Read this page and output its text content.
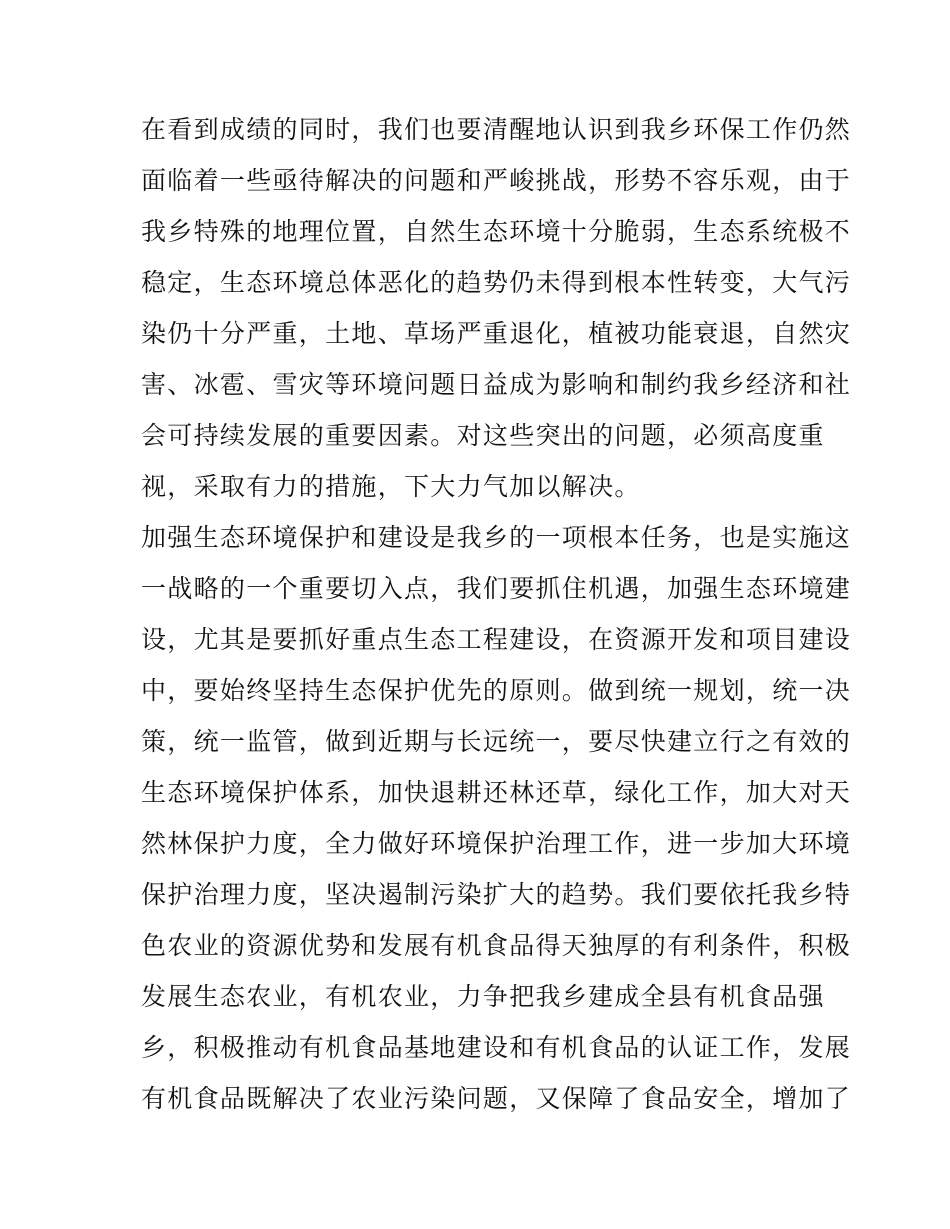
在看到成绩的同时，我们也要清醒地认识到我乡环保工作仍然
面临着一些亟待解决的问题和严峻挑战，形势不容乐观，由于
我乡特殊的地理位置，自然生态环境十分脆弱，生态系统极不
稳定，生态环境总体恶化的趋势仍未得到根本性转变，大气污
染仍十分严重，土地、草场严重退化，植被功能衰退，自然灾
害、冰雹、雪灾等环境问题日益成为影响和制约我乡经济和社
会可持续发展的重要因素。对这些突出的问题，必须高度重
视，采取有力的措施，下大力气加以解决。
加强生态环境保护和建设是我乡的一项根本任务，也是实施这
一战略的一个重要切入点，我们要抓住机遇，加强生态环境建
设，尤其是要抓好重点生态工程建设，在资源开发和项目建设
中，要始终坚持生态保护优先的原则。做到统一规划，统一决
策，统一监管，做到近期与长远统一，要尽快建立行之有效的
生态环境保护体系，加快退耕还林还草，绿化工作，加大对天
然林保护力度，全力做好环境保护治理工作，进一步加大环境
保护治理力度，坚决遏制污染扩大的趋势。我们要依托我乡特
色农业的资源优势和发展有机食品得天独厚的有利条件，积极
发展生态农业，有机农业，力争把我乡建成全县有机食品强
乡，积极推动有机食品基地建设和有机食品的认证工作，发展
有机食品既解决了农业污染问题，又保障了食品安全，增加了
